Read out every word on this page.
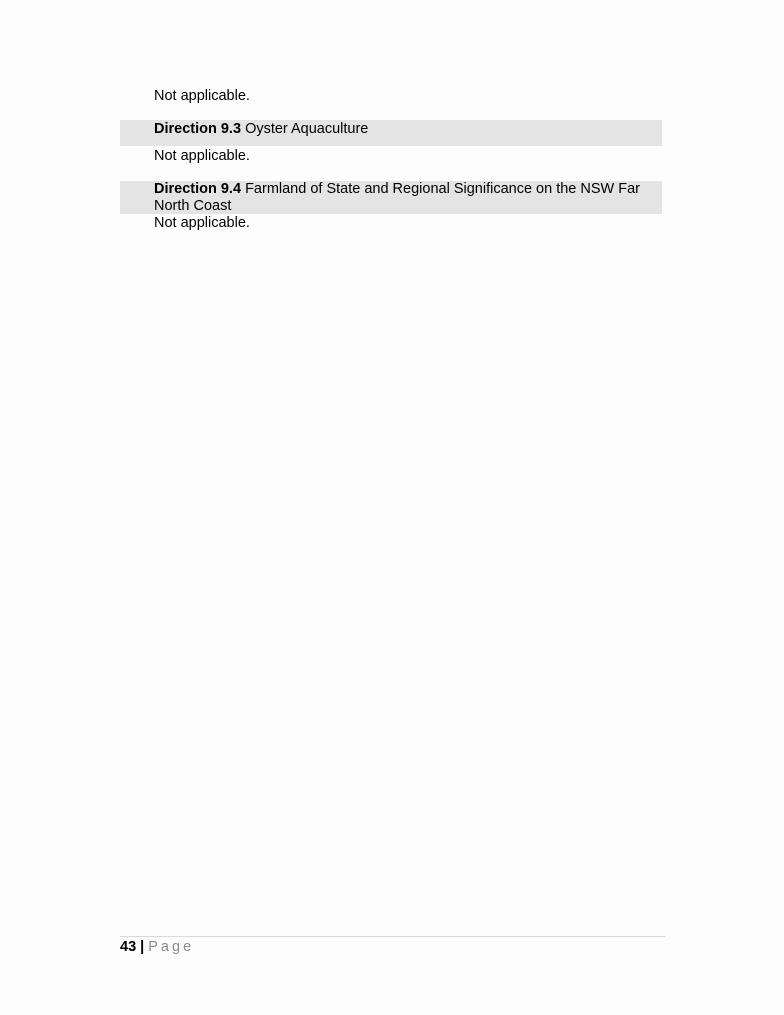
Not applicable.
Direction 9.3 Oyster Aquaculture
Not applicable.
Direction 9.4 Farmland of State and Regional Significance on the NSW Far North Coast
Not applicable.
43 | Page
